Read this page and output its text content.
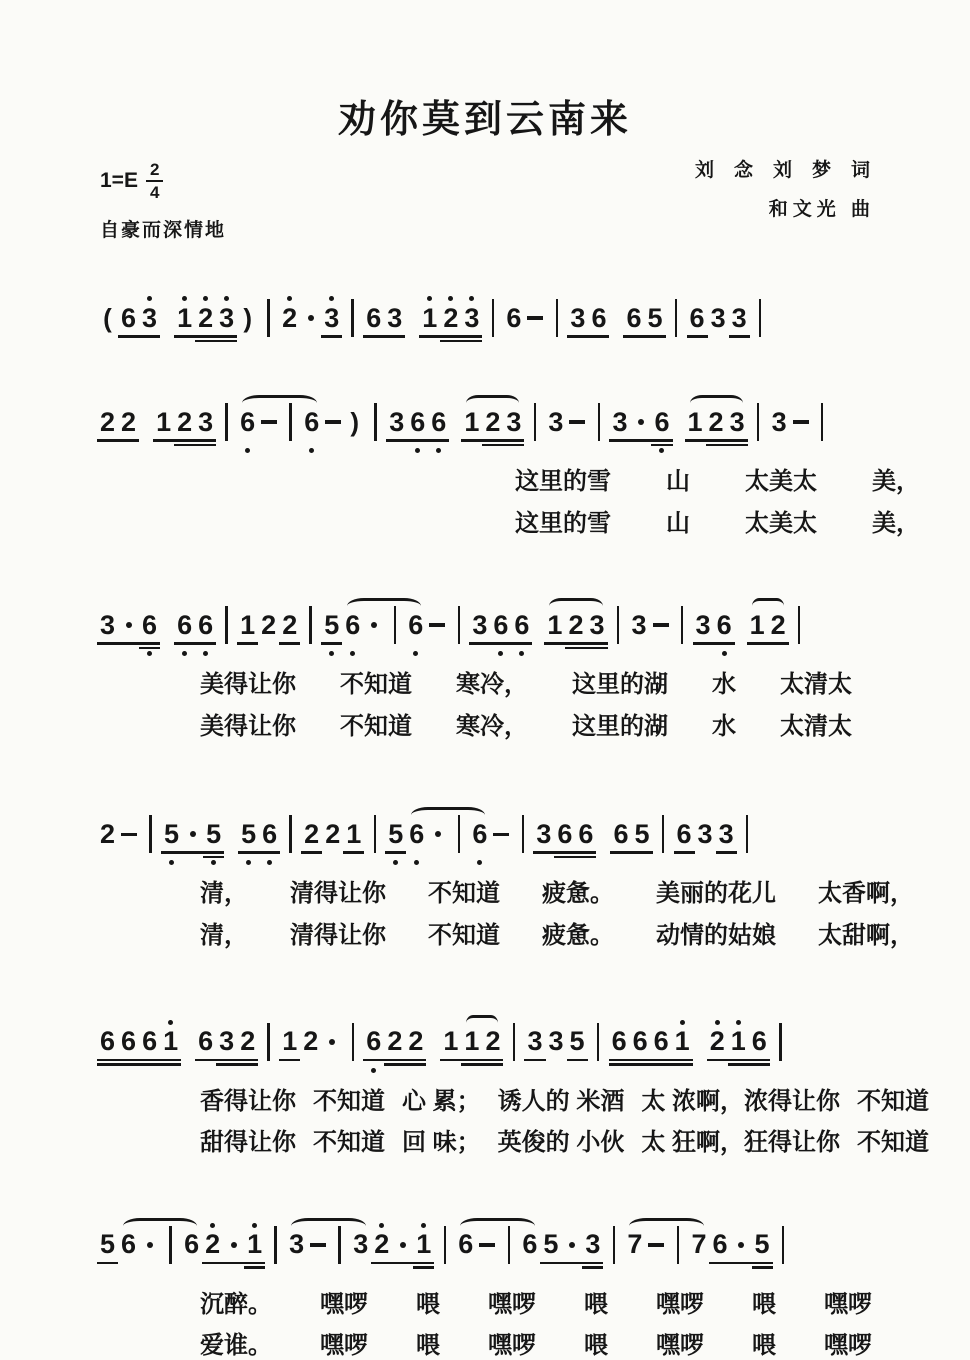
劝你莫到云南来
$1=E \frac{2}{4}$
自豪而深情地
刘念刘梦词
和文光 曲
( 6 3 1 2 3 ) 2 3 6 3 1 2 3 6 3 6 6 5 6 3 3
2 2 1 2 3 6 6 ) 3 6 6 1 2 3 3 3 6 1 2 3 3
这里的雪 山 太美太 美，
这里的雪 山 太美太 美，
3 6 6 6 1 2 2 5 6 6 3 6 6 1 2 3 3 3 6 1 2
美得让你 不知道 寒冷， 这里的湖 水 太清太
美得让你 不知道 寒冷， 这里的湖 水 太清太
2 5 5 5 6 2 2 1 5 6 6 3 6 6 6 5 6 3 3
清， 清得让你 不知道 疲惫。 美丽的花儿 太香啊，
清， 清得让你 不知道 疲惫。 动情的姑娘 太甜啊，
6 6 6 1 6 3 2 1 2 6 2 2 1 1 2 3 3 5 6 6 6 1 2 1 6
香得让你 不知道 心 累； 诱人的 米酒 太 浓啊，浓得让你 不知道
甜得让你 不知道 回 味； 英俊的 小伙 太 狂啊，狂得让你 不知道
5 6 6 2 1 3 3 2 1 6 6 5 3 7 7 6 5
沉醉。 嘿啰 喂 嘿啰 喂 嘿啰 喂 嘿啰
爱谁。 嘿啰 喂 嘿啰 喂 嘿啰 喂 嘿啰
